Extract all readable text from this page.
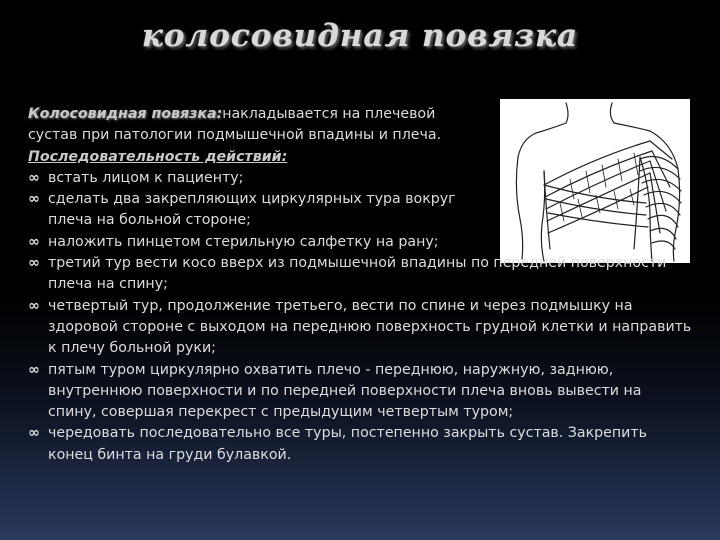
колосовидная повязка
Колосовидная повязка:накладывается на плечевой сустав при патологии подмышечной впадины и плеча.
Последовательность действий:
∞ встать лицом к пациенту;
∞ сделать два закрепляющих циркулярных тура вокруг плеча на больной стороне;
∞ наложить пинцетом стерильную салфетку на рану;
∞ третий тур вести косо вверх из подмышечной впадины по передней поверхности плеча на спину;
∞ четвертый тур, продолжение третьего, вести по спине и через подмышку на здоровой стороне с выходом на переднюю поверхность грудной клетки и направить к плечу больной руки;
∞ пятым туром циркулярно охватить плечо - переднюю, наружную, заднюю, внутреннюю поверхности и по передней поверхности плеча вновь вывести на спину, совершая перекрест с предыдущим четвертым туром;
∞ чередовать последовательно все туры, постепенно закрыть сустав. Закрепить конец бинта на груди булавкой.
